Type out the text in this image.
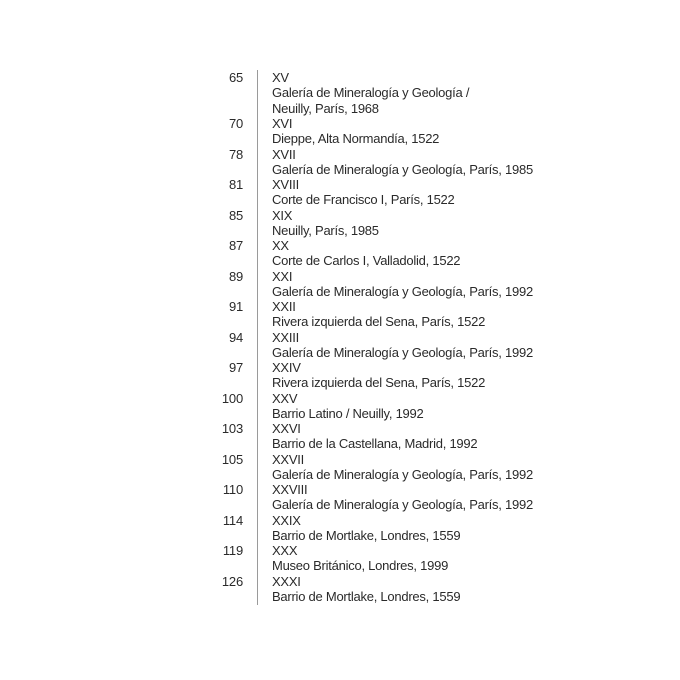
65 XV
Galería de Mineralogía y Geología / Neuilly, París, 1968
70 XVI
Dieppe, Alta Normandía, 1522
78 XVII
Galería de Mineralogía y Geología, París, 1985
81 XVIII
Corte de Francisco I, París, 1522
85 XIX
Neuilly, París, 1985
87 XX
Corte de Carlos I, Valladolid, 1522
89 XXI
Galería de Mineralogía y Geología, París, 1992
91 XXII
Rivera izquierda del Sena, París, 1522
94 XXIII
Galería de Mineralogía y Geología, París, 1992
97 XXIV
Rivera izquierda del Sena, París, 1522
100 XXV
Barrio Latino / Neuilly, 1992
103 XXVI
Barrio de la Castellana, Madrid, 1992
105 XXVII
Galería de Mineralogía y Geología, París, 1992
110 XXVIII
Galería de Mineralogía y Geología, París, 1992
114 XXIX
Barrio de Mortlake, Londres, 1559
119 XXX
Museo Británico, Londres, 1999
126 XXXI
Barrio de Mortlake, Londres, 1559
